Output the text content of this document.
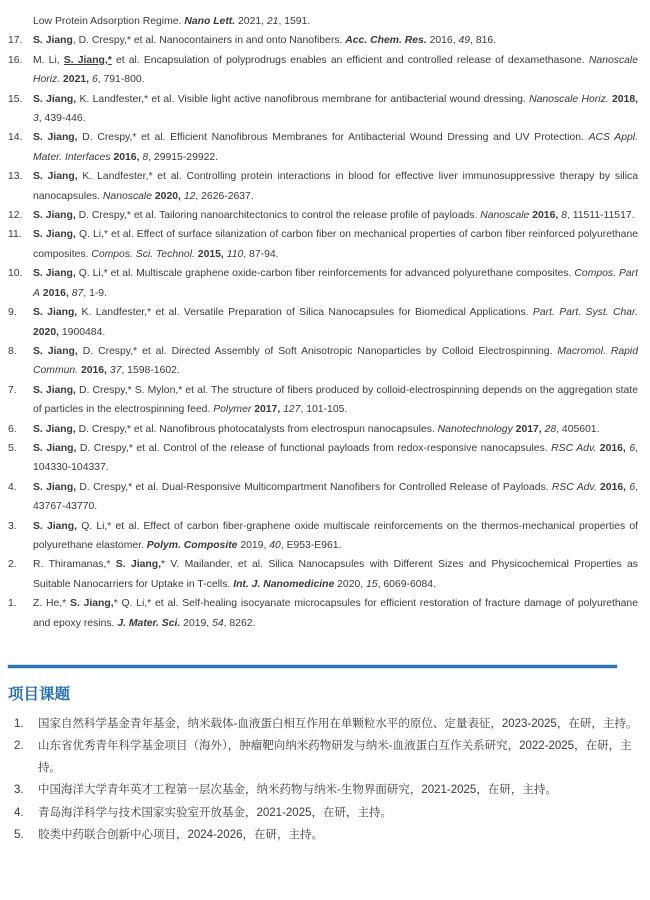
Low Protein Adsorption Regime. Nano Lett. 2021, 21, 1591.
17.	S. Jiang, D. Crespy,* et al. Nanocontainers in and onto Nanofibers. Acc. Chem. Res. 2016, 49, 816.
16.	M. Li, S. Jiang,* et al. Encapsulation of polyprodrugs enables an efficient and controlled release of dexamethasone. Nanoscale Horiz. 2021, 6, 791-800.
15.	S. Jiang, K. Landfester,* et al. Visible light active nanofibrous membrane for antibacterial wound dressing. Nanoscale Horiz. 2018, 3, 439-446.
14.	S. Jiang, D. Crespy,* et al. Efficient Nanofibrous Membranes for Antibacterial Wound Dressing and UV Protection. ACS Appl. Mater. Interfaces 2016, 8, 29915-29922.
13.	S. Jiang, K. Landfester,* et al. Controlling protein interactions in blood for effective liver immunosuppressive therapy by silica nanocapsules. Nanoscale 2020, 12, 2626-2637.
12.	S. Jiang, D. Crespy,* et al. Tailoring nanoarchitectonics to control the release profile of payloads. Nanoscale 2016, 8, 11511-11517.
11.	S. Jiang, Q. Li,* et al. Effect of surface silanization of carbon fiber on mechanical properties of carbon fiber reinforced polyurethane composites. Compos. Sci. Technol. 2015, 110, 87-94.
10.	S. Jiang, Q. Li,* et al. Multiscale graphene oxide-carbon fiber reinforcements for advanced polyurethane composites. Compos. Part A 2016, 87, 1-9.
9.	S. Jiang, K. Landfester,* et al. Versatile Preparation of Silica Nanocapsules for Biomedical Applications. Part. Part. Syst. Char. 2020, 1900484.
8.	S. Jiang, D. Crespy,* et al. Directed Assembly of Soft Anisotropic Nanoparticles by Colloid Electrospinning. Macromol. Rapid Commun. 2016, 37, 1598-1602.
7.	S. Jiang, D. Crespy,* S. Mylon,* et al. The structure of fibers produced by colloid-electrospinning depends on the aggregation state of particles in the electrospinning feed. Polymer 2017, 127, 101-105.
6.	S. Jiang, D. Crespy,* et al. Nanofibrous photocatalysts from electrospun nanocapsules. Nanotechnology 2017, 28, 405601.
5.	S. Jiang, D. Crespy,* et al. Control of the release of functional payloads from redox-responsive nanocapsules. RSC Adv. 2016, 6, 104330-104337.
4.	S. Jiang, D. Crespy,* et al. Dual-Responsive Multicompartment Nanofibers for Controlled Release of Payloads. RSC Adv. 2016, 6, 43767-43770.
3.	S. Jiang, Q. Li,* et al. Effect of carbon fiber-graphene oxide multiscale reinforcements on the thermos-mechanical properties of polyurethane elastomer. Polym. Composite 2019, 40, E953-E961.
2.	R. Thiramanas,* S. Jiang,* V. Mailander, et al. Silica Nanocapsules with Different Sizes and Physicochemical Properties as Suitable Nanocarriers for Uptake in T-cells. Int. J. Nanomedicine 2020, 15, 6069-6084.
1.	Z. He,* S. Jiang,* Q. Li,* et al. Self-healing isocyanate microcapsules for efficient restoration of fracture damage of polyurethane and epoxy resins. J. Mater. Sci. 2019, 54, 8262.
项目课题
1.	国家自然科学基金青年基金，纳米载体-血液蛋白相互作用在单颗粒水平的原位、定量表征，2023-2025，在研，主持。
2.	山东省优秀青年科学基金项目（海外），肿瘤靶向纳米药物研发与纳米-血液蛋白互作关系研究，2022-2025，在研，主持。
3.	中国海洋大学青年英才工程第一层次基金，纳米药物与纳米-生物界面研究，2021-2025，在研，主持。
4.	青岛海洋科学与技术国家实验室开放基金，2021-2025，在研，主持。
5.	胶类中药联合创新中心项目，2024-2026，在研，主持。
